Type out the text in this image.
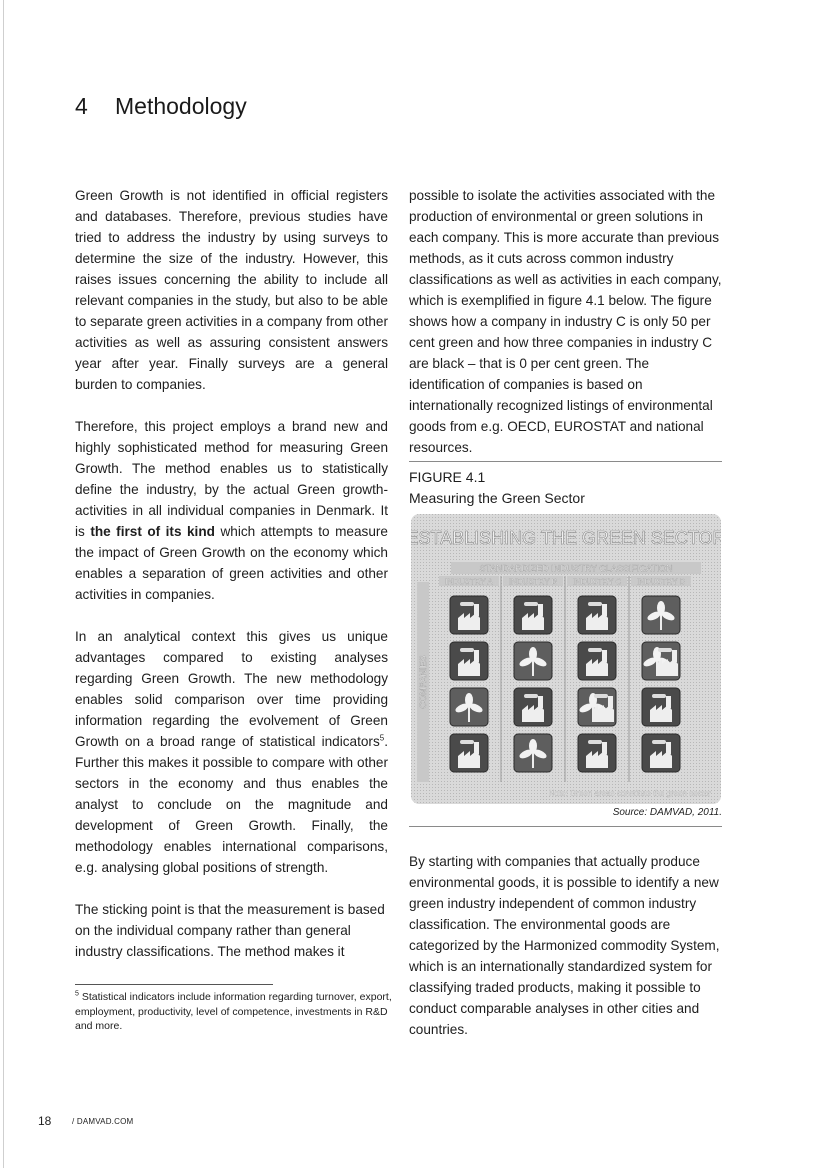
4 Methodology

Green Growth is not identified in official registers and databases. Therefore, previous studies have tried to address the industry by using surveys to determine the size of the industry. However, this raises issues concerning the ability to include all relevant companies in the study, but also to be able to separate green activities in a company from other activities as well as assuring consistent answers year after year. Finally surveys are a general burden to companies.

Therefore, this project employs a brand new and highly sophisticated method for measuring Green Growth. The method enables us to statistically define the industry, by the actual Green growth-activities in all individual companies in Denmark. It is the first of its kind which attempts to measure the impact of Green Growth on the economy which enables a separation of green activities and other activities in companies.

In an analytical context this gives us unique advantages compared to existing analyses regarding Green Growth. The new methodology enables solid comparison over time providing information regarding the evolvement of Green Growth on a broad range of statistical indicators$^5$. Further this makes it possible to compare with other sectors in the economy and thus enables the analyst to conclude on the magnitude and development of Green Growth. Finally, the methodology enables international comparisons, e.g. analysing global positions of strength.

The sticking point is that the measurement is based on the individual company rather than general industry classifications. The method makes it

possible to isolate the activities associated with the production of environmental or green solutions in each company. This is more accurate than previous methods, as it cuts across common industry classifications as well as activities in each company, which is exemplified in figure 4.1 below. The figure shows how a company in industry C is only 50 per cent green and how three companies in industry C are black – that is 0 per cent green. The identification of companies is based on internationally recognized listings of environmental goods from e.g. OECD, EUROSTAT and national resources.

FIGURE 4.1
Measuring the Green Sector
ESTABLISHING THE GREEN SECTOR
STANDARDIZED INDUSTRY CLASSIFICATION
INDUSTRY A INDUSTRY B INDUSTRY C INDUSTRY D
COMPANIES
Note: Green areas constitute the green sector
Source: DAMVAD, 2011.

By starting with companies that actually produce environmental goods, it is possible to identify a new green industry independent of common industry classification. The environmental goods are categorized by the Harmonized commodity System, which is an internationally standardized system for classifying traded products, making it possible to conduct comparable analyses in other cities and countries.

$^5$ Statistical indicators include information regarding turnover, export, employment, productivity, level of competence, investments in R&D and more.
18	/ DAMVAD.COM
